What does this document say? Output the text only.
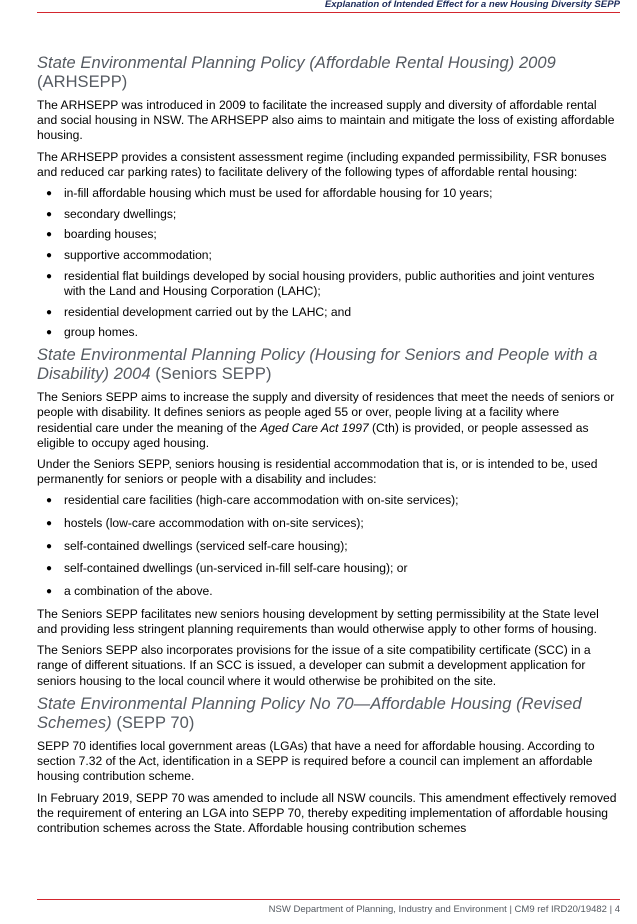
Explanation of Intended Effect for a new Housing Diversity SEPP
State Environmental Planning Policy (Affordable Rental Housing) 2009 (ARHSEPP)

The ARHSEPP was introduced in 2009 to facilitate the increased supply and diversity of affordable rental and social housing in NSW. The ARHSEPP also aims to maintain and mitigate the loss of existing affordable housing.

The ARHSEPP provides a consistent assessment regime (including expanded permissibility, FSR bonuses and reduced car parking rates) to facilitate delivery of the following types of affordable rental housing:

● in-fill affordable housing which must be used for affordable housing for 10 years;
● secondary dwellings;
● boarding houses;
● supportive accommodation;
● residential flat buildings developed by social housing providers, public authorities and joint ventures with the Land and Housing Corporation (LAHC);
● residential development carried out by the LAHC; and
● group homes.
State Environmental Planning Policy (Housing for Seniors and People with a Disability) 2004 (Seniors SEPP)

The Seniors SEPP aims to increase the supply and diversity of residences that meet the needs of seniors or people with disability. It defines seniors as people aged 55 or over, people living at a facility where residential care under the meaning of the Aged Care Act 1997 (Cth) is provided, or people assessed as eligible to occupy aged housing.

Under the Seniors SEPP, seniors housing is residential accommodation that is, or is intended to be, used permanently for seniors or people with a disability and includes:

● residential care facilities (high-care accommodation with on-site services);
● hostels (low-care accommodation with on-site services);
● self-contained dwellings (serviced self-care housing);
● self-contained dwellings (un-serviced in-fill self-care housing); or
● a combination of the above.

The Seniors SEPP facilitates new seniors housing development by setting permissibility at the State level and providing less stringent planning requirements than would otherwise apply to other forms of housing.

The Seniors SEPP also incorporates provisions for the issue of a site compatibility certificate (SCC) in a range of different situations. If an SCC is issued, a developer can submit a development application for seniors housing to the local council where it would otherwise be prohibited on the site.

State Environmental Planning Policy No 70—Affordable Housing (Revised Schemes) (SEPP 70)

SEPP 70 identifies local government areas (LGAs) that have a need for affordable housing. According to section 7.32 of the Act, identification in a SEPP is required before a council can implement an affordable housing contribution scheme.

In February 2019, SEPP 70 was amended to include all NSW councils. This amendment effectively removed the requirement of entering an LGA into SEPP 70, thereby expediting implementation of affordable housing contribution schemes across the State. Affordable housing contribution schemes

NSW Department of Planning, Industry and Environment | CM9 ref IRD20/19482 | 4
